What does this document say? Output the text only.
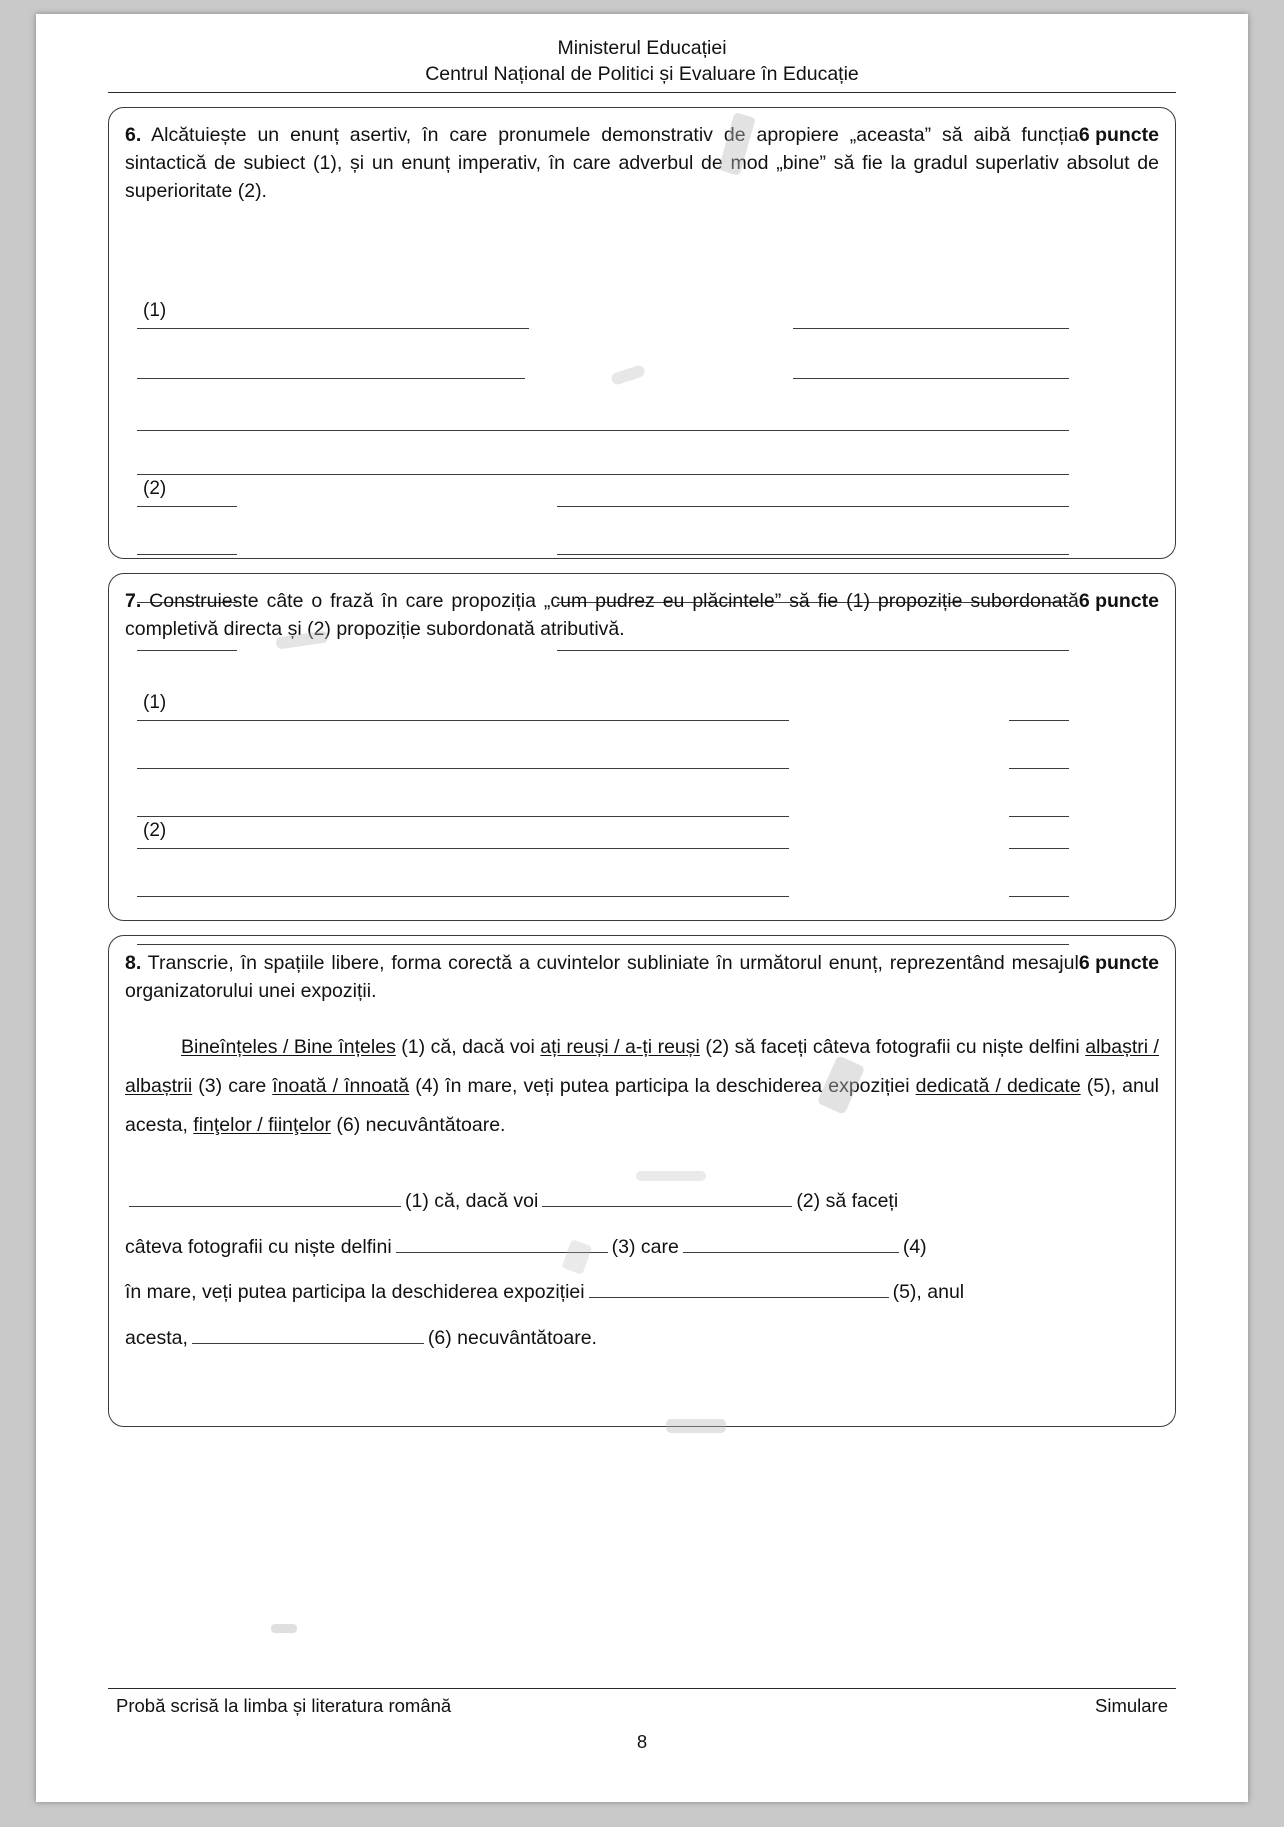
Ministerul Educației
Centrul Național de Politici și Evaluare în Educație

6 puncte
6. Alcătuiește un enunț asertiv, în care pronumele demonstrativ de apropiere „aceasta” să aibă funcția sintactică de subiect (1), și un enunț imperativ, în care adverbul de mod „bine” să fie la gradul superlativ absolut de superioritate (2).

(1)
(2)

6 puncte
7. Construieste câte o frază în care propoziția „cum pudrez eu plăcintele” să fie (1) propoziție subordonată completivă directa și (2) propoziție subordonată atributivă.

(1)
(2)

6 puncte
8. Transcrie, în spațiile libere, forma corectă a cuvintelor subliniate în următorul enunț, reprezentând mesajul organizatorului unei expoziții.

Bineînțeles / Bine înțeles (1) că, dacă voi ați reuși / a-ți reuși (2) să faceți câteva fotografii cu niște delfini albaștri / albaștrii (3) care înoată / înnoată (4) în mare, veți putea participa la deschiderea expoziției dedicată / dedicate (5), anul acesta, finţelor / fiinţelor (6) necuvântătoare.
(1) că, dacă voi	(2) să faceți
câteva fotografii cu niște delfini	(3) care	(4)
în mare, veți putea participa la deschiderea expoziției	(5), anul
acesta,	(6) necuvântătoare.
Probă scrisă la limba și literatura română	Simulare
8
